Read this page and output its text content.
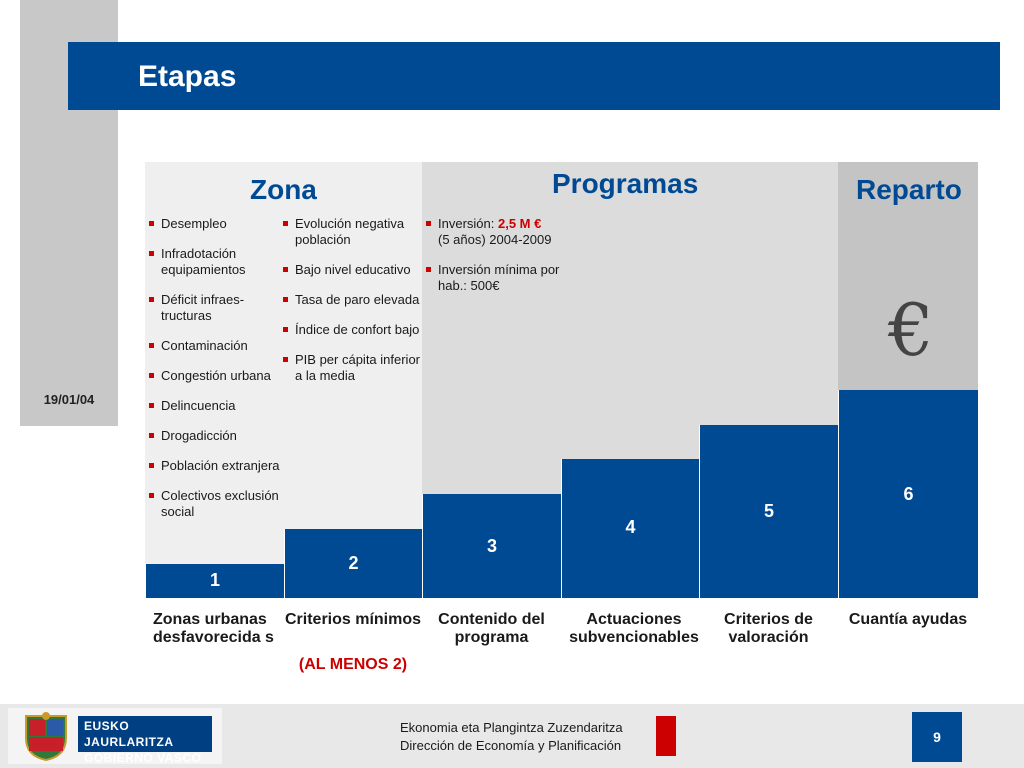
19/01/04
Etapas
Zona	Programas	Reparto
€
Desempleo
Infradotación equipamientos
Déficit infraes-tructuras
Contaminación
Congestión urbana
Delincuencia
Drogadicción
Población extranjera
Colectivos exclusión social
Evolución negativa población
Bajo nivel educativo
Tasa de paro elevada
Índice de confort bajo
PIB per cápita inferior a la media
Inversión: 2,5 M €
(5 años) 2004-2009
Inversión mínima por hab.: 500€
1
2
3
4
5
6
Zonas urbanas desfavorecida s
Criterios mínimos	Contenido del programa
Actuaciones subvencionables
Criterios de valoración
Cuantía ayudas
(AL MENOS 2)
EUSKO JAURLARITZA
GOBIERNO VASCO
Ekonomia eta Plangintza Zuzendaritza
Dirección de Economía y Planificación
9
